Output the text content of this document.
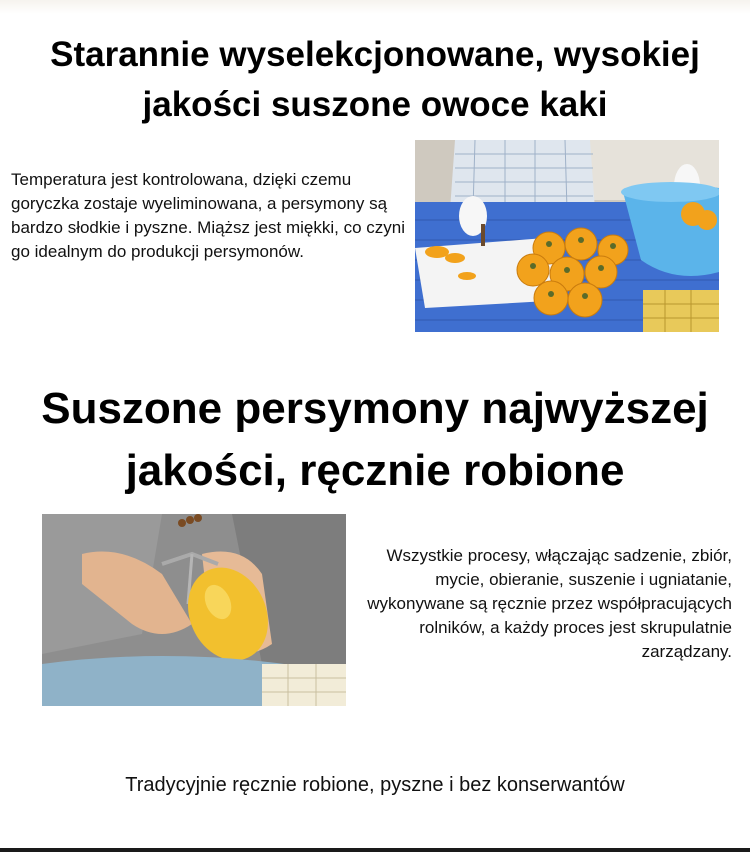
Starannie wyselekcjonowane, wysokiej jakości suszone owoce kaki

Temperatura jest kontrolowana, dzięki czemu goryczka zostaje wyeliminowana, a persymony są bardzo słodkie i pyszne. Miąższ jest miękki, co czyni go idealnym do produkcji persymonów.

Suszone persymony najwyższej jakości, ręcznie robione

Wszystkie procesy, włączając sadzenie, zbiór, mycie, obieranie, suszenie i ugniatanie, wykonywane są ręcznie przez współpracujących rolników, a każdy proces jest skrupulatnie zarządzany.

Tradycyjnie ręcznie robione, pyszne i bez konserwantów
